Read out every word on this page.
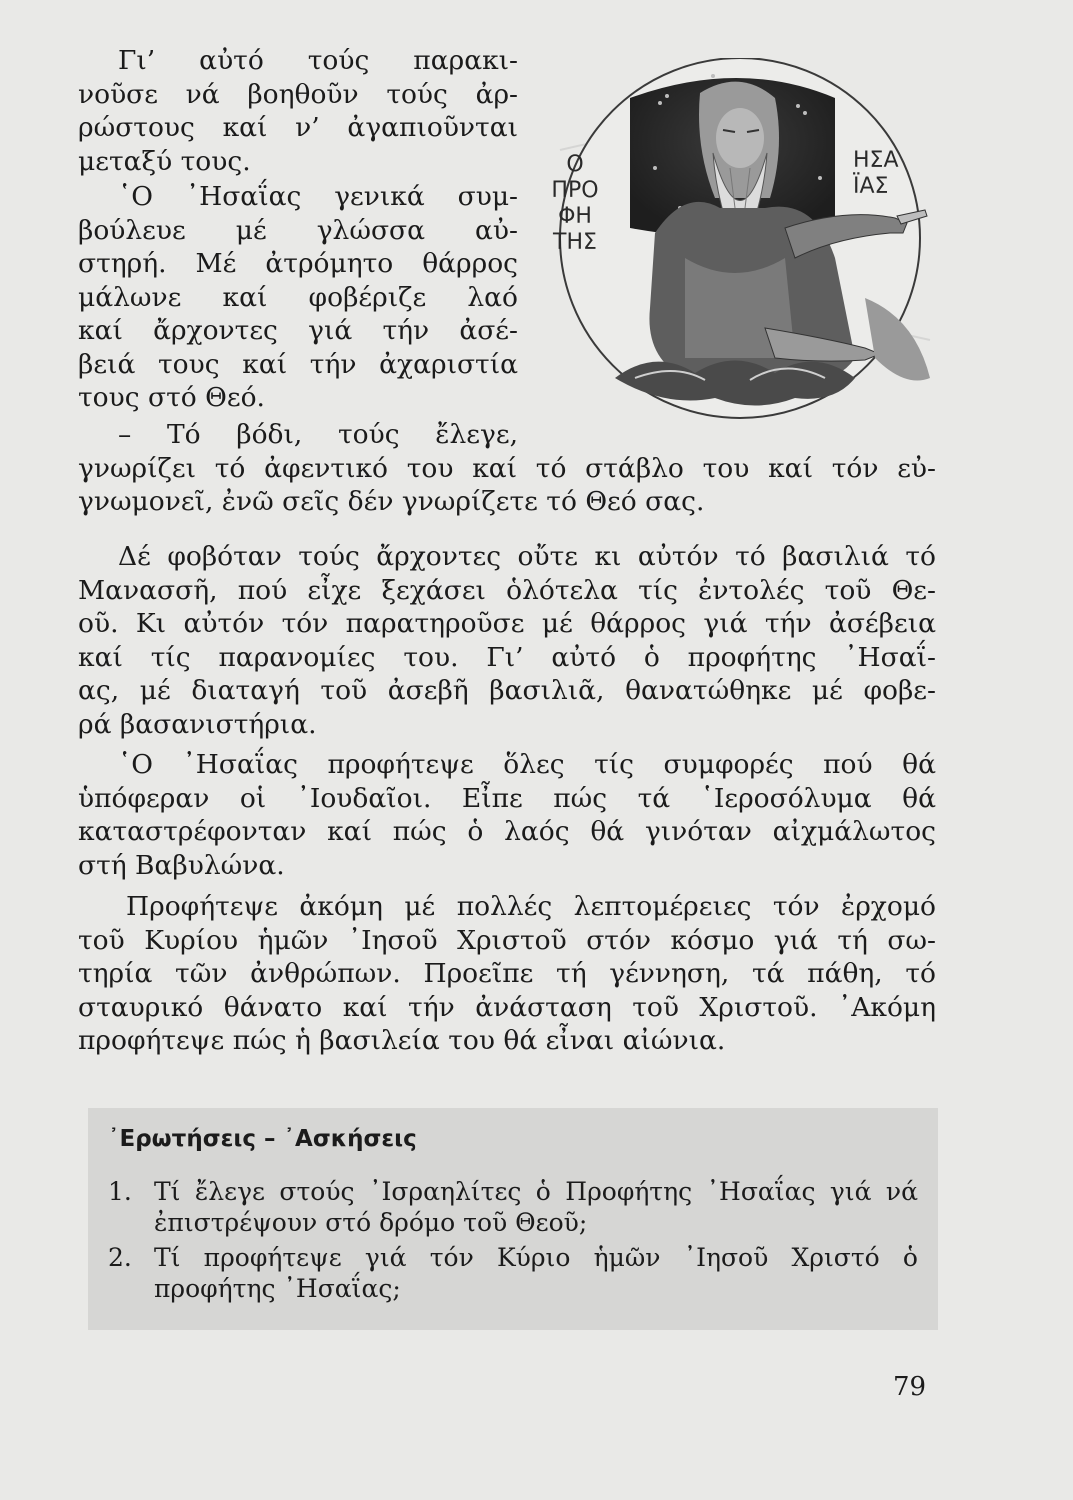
Ο
ΠΡΟ
ΦΗ
ΤΗΣ
ΗΣΑ
ΪΑΣ
Γι’ αὐτό τούς παρακι-
νοῦσε νά βοηθοῦν τούς ἀρ-
ρώστους καί ν’ ἀγαπιοῦνται
μεταξύ τους.
῾Ο ᾿Ησαΐας γενικά συμ-
βούλευε μέ γλώσσα αὐ-
στηρή. Μέ ἀτρόμητο θάρρος
μάλωνε καί φοβέριζε λαό
καί ἄρχοντες γιά τήν ἀσέ-
βειά τους καί τήν ἀχαριστία
τους στό Θεό.
– Τό βόδι, τούς ἔλεγε,
γνωρίζει τό ἀφεντικό του καί τό στάβλο του καί τόν εὐ-
γνωμονεῖ, ἐνῶ σεῖς δέν γνωρίζετε τό Θεό σας.
Δέ φοβόταν τούς ἄρχοντες οὔτε κι αὐτόν τό βασιλιά τό
Μανασσῆ, πού εἶχε ξεχάσει ὁλότελα τίς ἐντολές τοῦ Θε-
οῦ. Κι αὐτόν τόν παρατηροῦσε μέ θάρρος γιά τήν ἀσέβεια
καί τίς παρανομίες του. Γι’ αὐτό ὁ προφήτης ᾿Ησαΐ-
ας, μέ διαταγή τοῦ ἀσεβῆ βασιλιᾶ, θανατώθηκε μέ φοβε-
ρά βασανιστήρια.
῾Ο ᾿Ησαΐας προφήτεψε ὅλες τίς συμφορές πού θά
ὑπόφεραν οἱ ᾿Ιουδαῖοι. Εἶπε πώς τά ῾Ιεροσόλυμα θά
καταστρέφονταν καί πώς ὁ λαός θά γινόταν αἰχμάλωτος
στή Βαβυλώνα.
Προφήτεψε ἀκόμη μέ πολλές λεπτομέρειες τόν ἐρχομό
τοῦ Κυρίου ἡμῶν ᾿Ιησοῦ Χριστοῦ στόν κόσμο γιά τή σω-
τηρία τῶν ἀνθρώπων. Προεῖπε τή γέννηση, τά πάθη, τό
σταυρικό θάνατο καί τήν ἀνάσταση τοῦ Χριστοῦ. ᾿Ακόμη
προφήτεψε πώς ἡ βασιλεία του θά εἶναι αἰώνια.
᾿Ερωτήσεις – ᾿Ασκήσεις
1. Τί ἔλεγε στούς ᾿Ισραηλίτες ὁ Προφήτης ᾿Ησαΐας γιά νά
ἐπιστρέψουν στό δρόμο τοῦ Θεοῦ;
2. Τί προφήτεψε γιά τόν Κύριο ἡμῶν ᾿Ιησοῦ Χριστό ὁ
προφήτης ᾿Ησαΐας;
79
